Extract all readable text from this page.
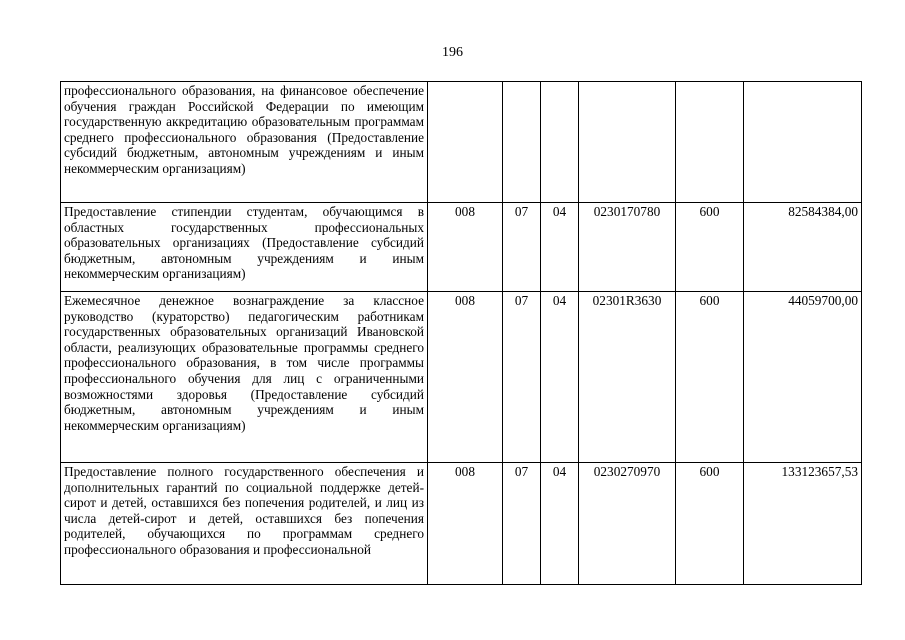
196
профессионального образования, на финансовое обеспечение обучения граждан Российской Федерации по имеющим государственную аккредитацию образовательным программам среднего профессионального образования (Предоставление субсидий бюджетным, автономным учреждениям и иным некоммерческим организациям)						
Предоставление стипендии студентам, обучающимся в областных государственных профессиональных образовательных организациях (Предоставление субсидий бюджетным, автономным учреждениям и иным некоммерческим организациям)	008	07	04	0230170780	600	82584384,00
Ежемесячное денежное вознаграждение за классное руководство (кураторство) педагогическим работникам государственных образовательных организаций Ивановской области, реализующих образовательные программы среднего профессионального образования, в том числе программы профессионального обучения для лиц с ограниченными возможностями здоровья (Предоставление субсидий бюджетным, автономным учреждениям и иным некоммерческим организациям)	008	07	04	02301R3630	600	44059700,00
Предоставление полного государственного обеспечения и дополнительных гарантий по социальной поддержке детей-сирот и детей, оставшихся без попечения родителей, и лиц из числа детей-сирот и детей, оставшихся без попечения родителей, обучающихся по программам среднего профессионального образования и профессиональной	008	07	04	0230270970	600	133123657,53
